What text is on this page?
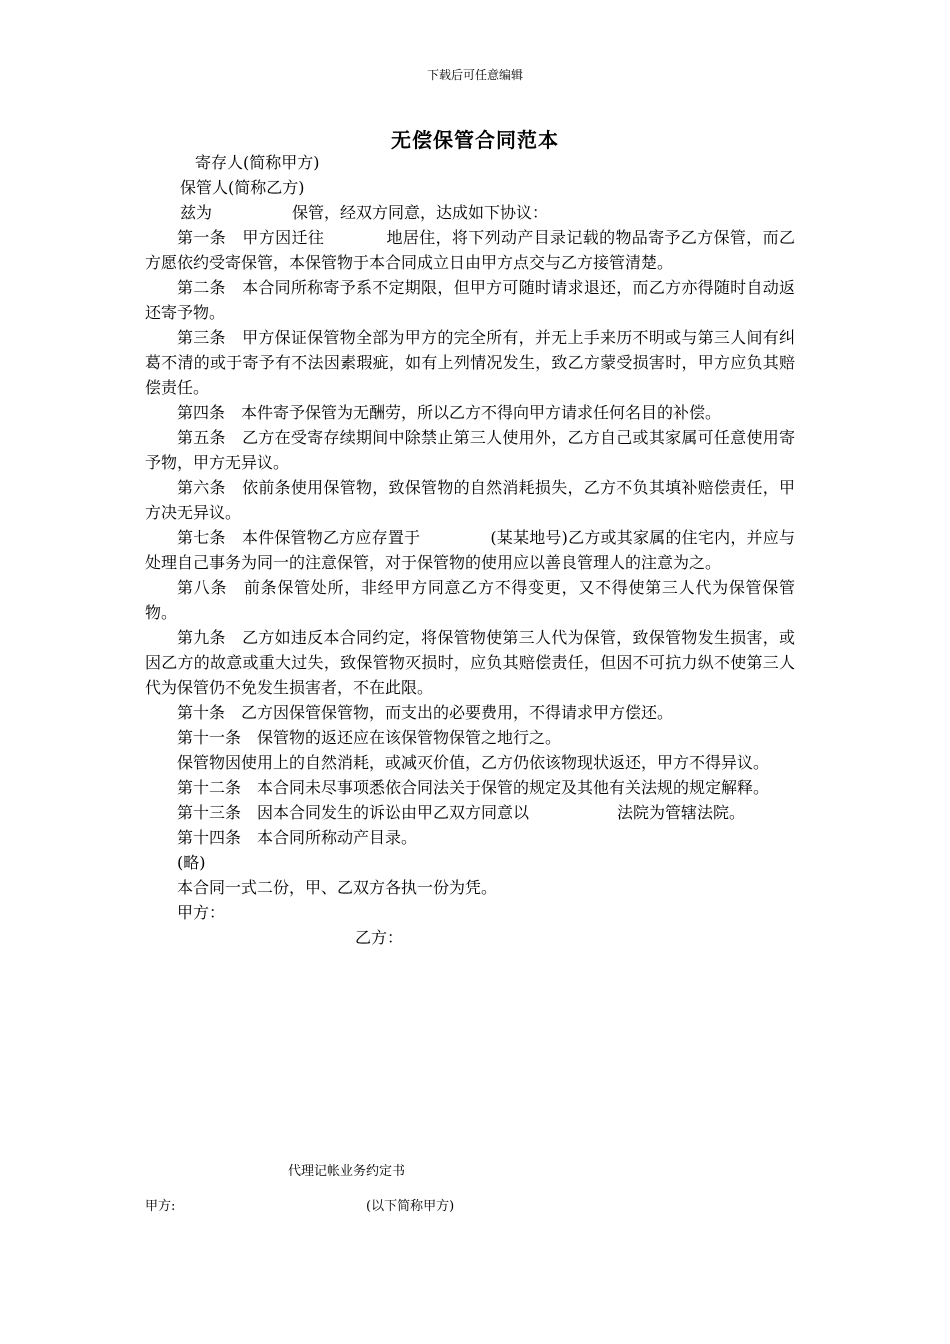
下载后可任意编辑
无偿保管合同范本

寄存人(简称甲方)

保管人(简称乙方)

兹为	保管，经双方同意，达成如下协议：

第一条　甲方因迁往	地居住，将下列动产目录记载的物品寄予乙方保管，而乙方愿依约受寄保管，本保管物于本合同成立日由甲方点交与乙方接管清楚。

第二条　本合同所称寄予系不定期限，但甲方可随时请求退还，而乙方亦得随时自动返还寄予物。

第三条　甲方保证保管物全部为甲方的完全所有，并无上手来历不明或与第三人间有纠葛不清的或于寄予有不法因素瑕疵，如有上列情况发生，致乙方蒙受损害时，甲方应负其赔偿责任。

第四条　本件寄予保管为无酬劳，所以乙方不得向甲方请求任何名目的补偿。

第五条　乙方在受寄存续期间中除禁止第三人使用外，乙方自己或其家属可任意使用寄予物，甲方无异议。

第六条　依前条使用保管物，致保管物的自然消耗损失，乙方不负其填补赔偿责任，甲方决无异议。

第七条　本件保管物乙方应存置于	(某某地号)乙方或其家属的住宅内，并应与处理自己事务为同一的注意保管，对于保管物的使用应以善良管理人的注意为之。

第八条　前条保管处所，非经甲方同意乙方不得变更，又不得使第三人代为保管保管物。

第九条　乙方如违反本合同约定，将保管物使第三人代为保管，致保管物发生损害，或因乙方的故意或重大过失，致保管物灭损时，应负其赔偿责任，但因不可抗力纵不使第三人代为保管仍不免发生损害者，不在此限。

第十条　乙方因保管保管物，而支出的必要费用，不得请求甲方偿还。

第十一条　保管物的返还应在该保管物保管之地行之。

保管物因使用上的自然消耗，或减灭价值，乙方仍依该物现状返还，甲方不得异议。

第十二条　本合同未尽事项悉依合同法关于保管的规定及其他有关法规的规定解释。

第十三条　因本合同发生的诉讼由甲乙双方同意以	法院为管辖法院。

第十四条　本合同所称动产目录。

(略)

本合同一式二份，甲、乙双方各执一份为凭。

甲方：

乙方：

代理记帐业务约定书
甲方:	(以下简称甲方)
